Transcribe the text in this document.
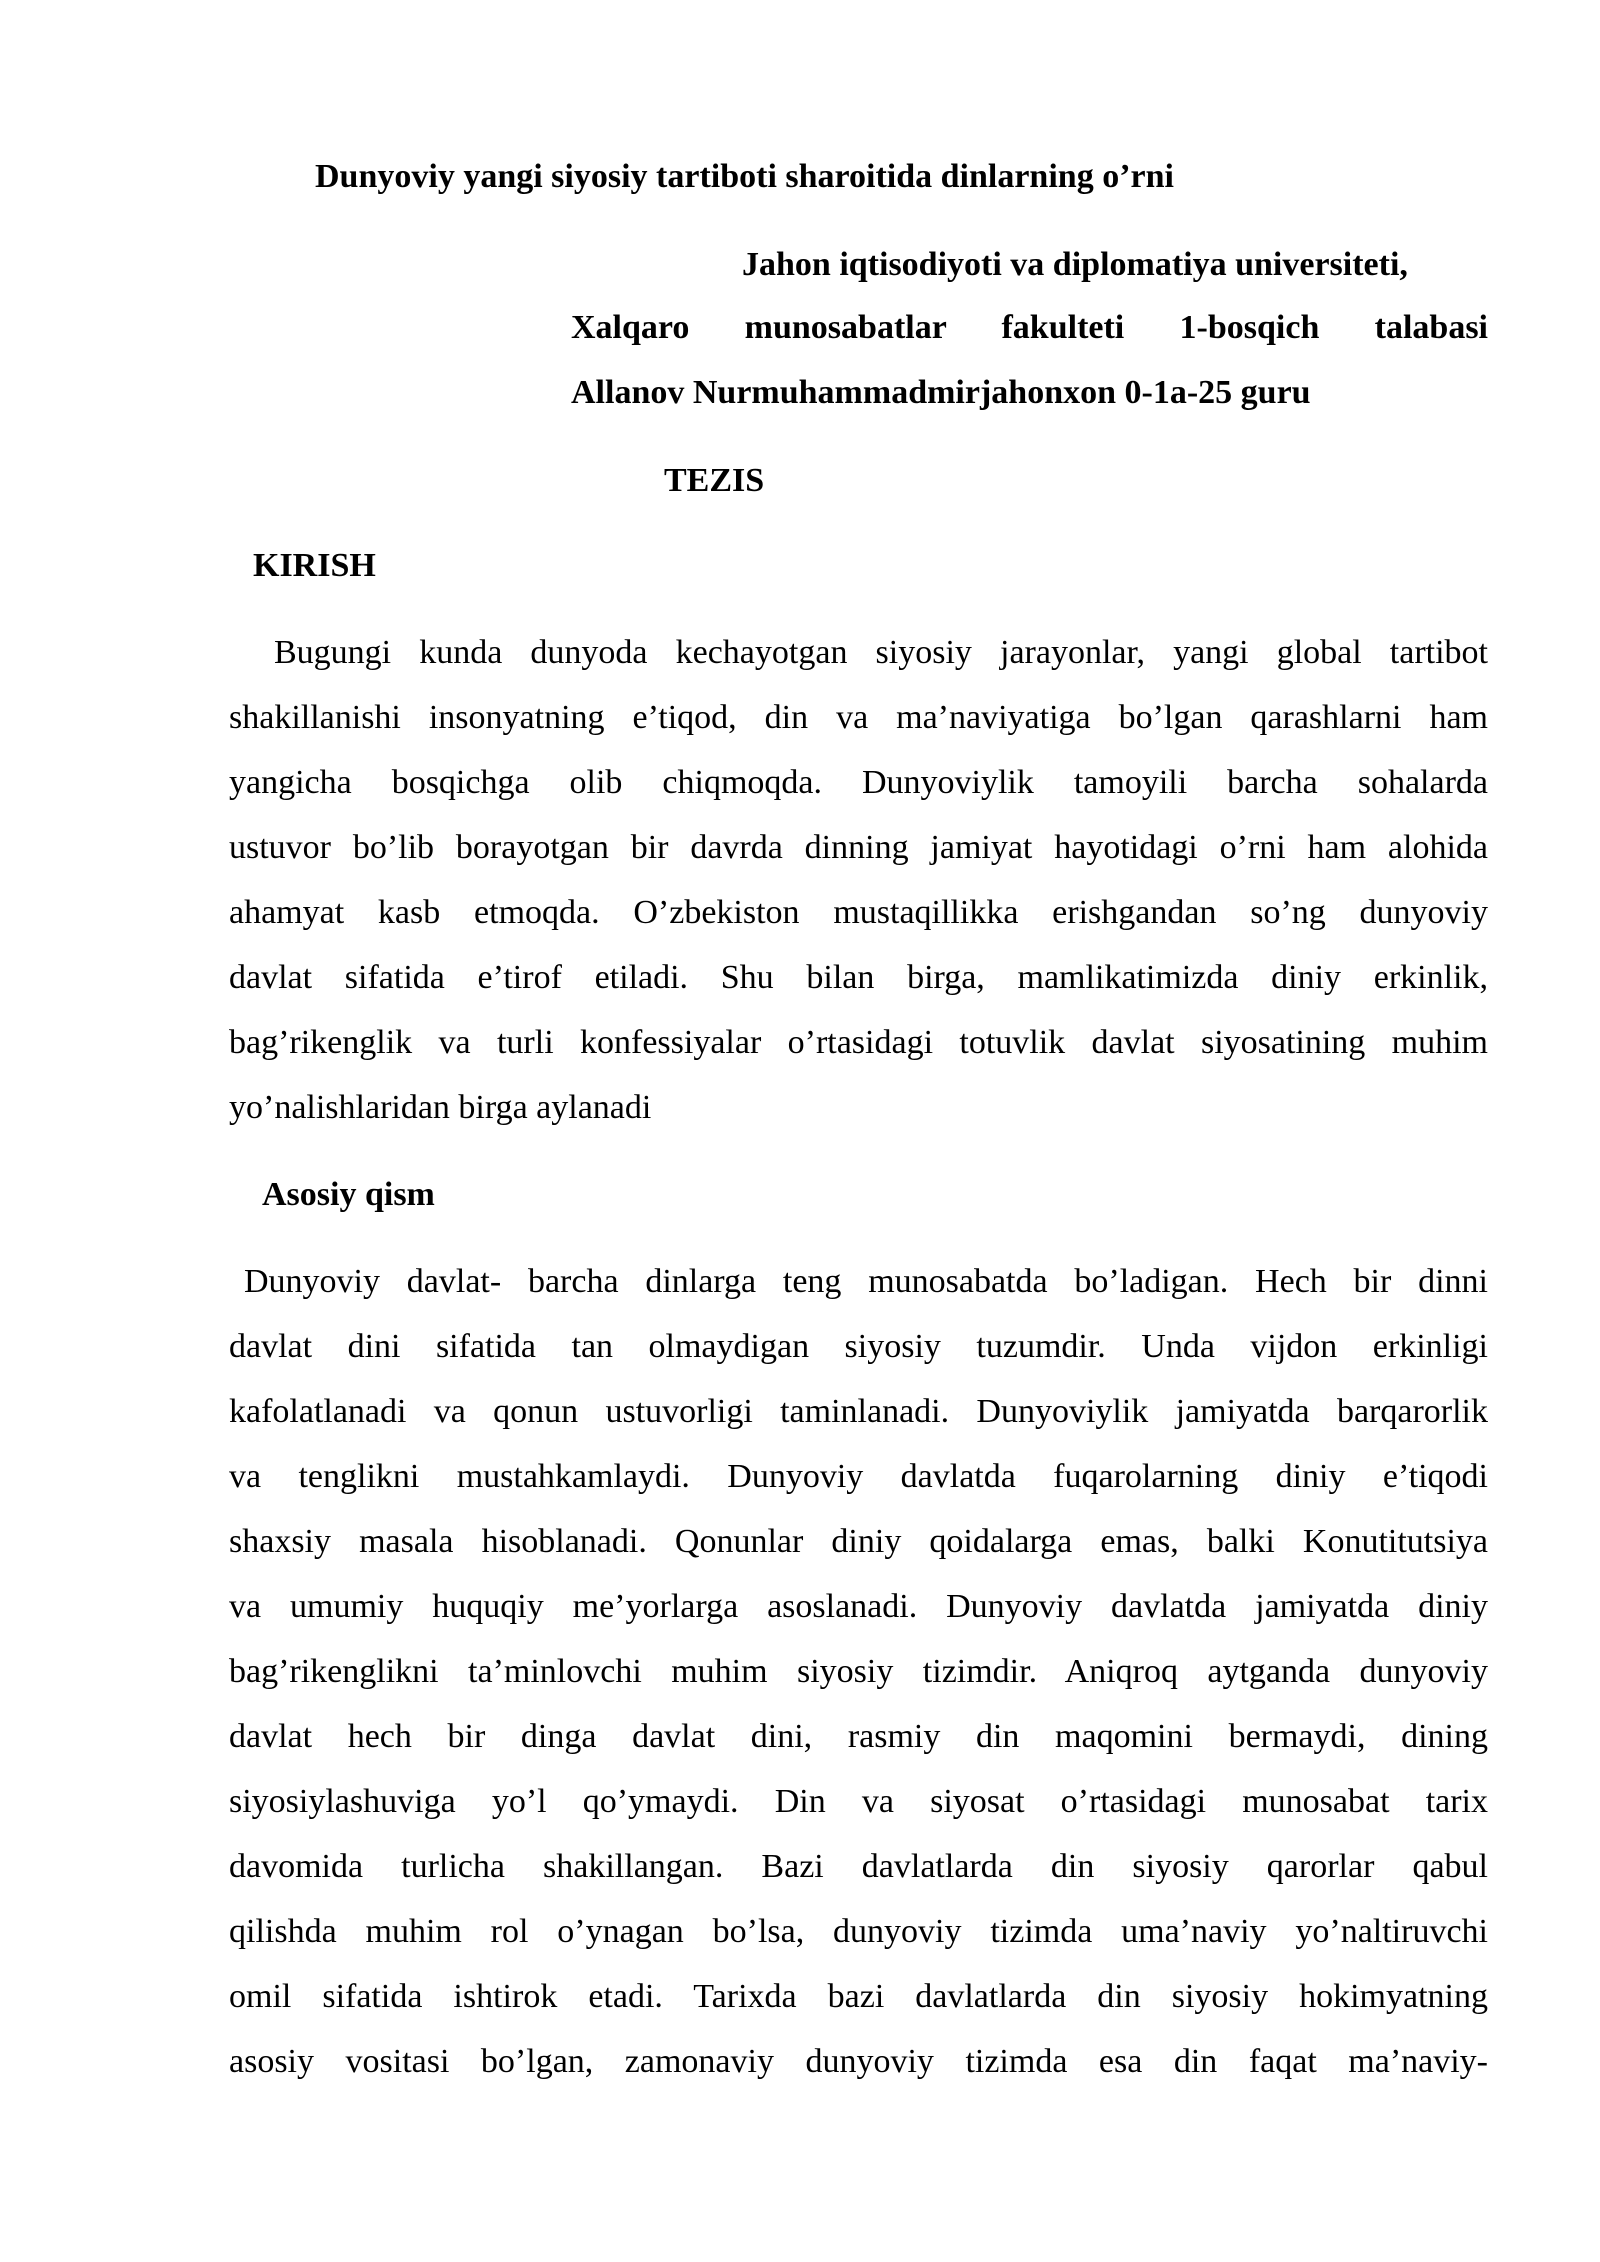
Dunyoviy yangi siyosiy tartiboti sharoitida dinlarning o’rni
Jahon iqtisodiyoti va diplomatiya universiteti,
Xalqaro munosabatlar fakulteti 1-bosqich talabasi
Allanov Nurmuhammadmirjahonxon 0-1a-25 guru
TEZIS
KIRISH
Bugungi kunda dunyoda kechayotgan siyosiy jarayonlar, yangi global tartibot
shakillanishi insonyatning e’tiqod, din va ma’naviyatiga bo’lgan qarashlarni ham
yangicha bosqichga olib chiqmoqda. Dunyoviylik tamoyili barcha sohalarda
ustuvor bo’lib borayotgan bir davrda dinning jamiyat hayotidagi o’rni ham alohida
ahamyat kasb etmoqda. O’zbekiston mustaqillikka erishgandan so’ng dunyoviy
davlat sifatida e’tirof etiladi. Shu bilan birga, mamlikatimizda diniy erkinlik,
bag’rikenglik va turli konfessiyalar o’rtasidagi totuvlik davlat siyosatining muhim
yo’nalishlaridan birga aylanadi
Asosiy qism
Dunyoviy davlat- barcha dinlarga teng munosabatda bo’ladigan. Hech bir dinni
davlat dini sifatida tan olmaydigan siyosiy tuzumdir. Unda vijdon erkinligi
kafolatlanadi va qonun ustuvorligi taminlanadi. Dunyoviylik jamiyatda barqarorlik
va tenglikni mustahkamlaydi. Dunyoviy davlatda fuqarolarning diniy e’tiqodi
shaxsiy masala hisoblanadi. Qonunlar diniy qoidalarga emas, balki Konutitutsiya
va umumiy huquqiy me’yorlarga asoslanadi. Dunyoviy davlatda jamiyatda diniy
bag’rikenglikni ta’minlovchi muhim siyosiy tizimdir. Aniqroq aytganda dunyoviy
davlat hech bir dinga davlat dini, rasmiy din maqomini bermaydi, dining
siyosiylashuviga yo’l qo’ymaydi. Din va siyosat o’rtasidagi munosabat tarix
davomida turlicha shakillangan. Bazi davlatlarda din siyosiy qarorlar qabul
qilishda muhim rol o’ynagan bo’lsa, dunyoviy tizimda uma’naviy yo’naltiruvchi
omil sifatida ishtirok etadi. Tarixda bazi davlatlarda din siyosiy hokimyatning
asosiy vositasi bo’lgan, zamonaviy dunyoviy tizimda esa din faqat ma’naviy-
